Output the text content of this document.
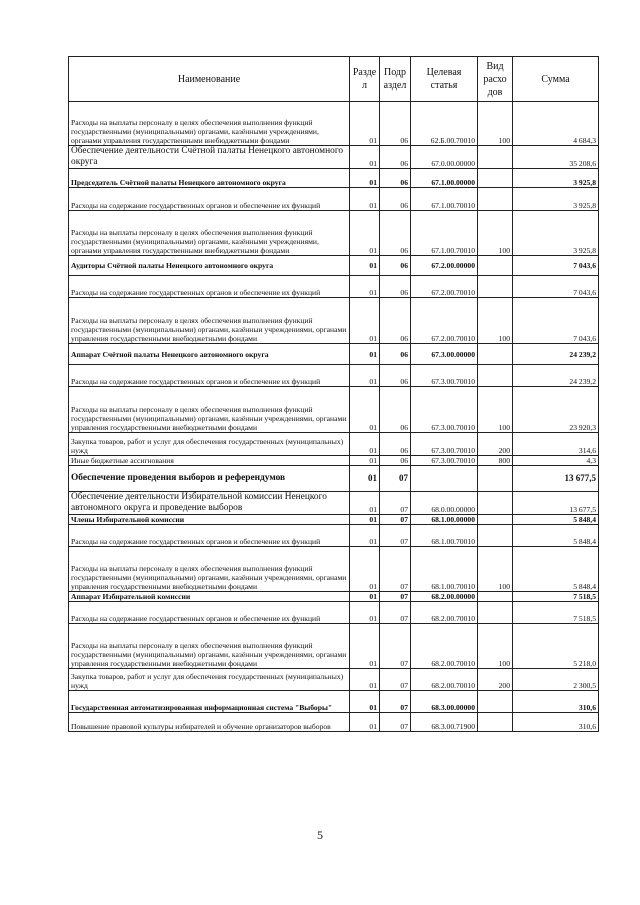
Наименование	Разде л	Подр аздел	Целевая статья	Вид расхо дов	Сумма
Расходы на выплаты персоналу в целях обеспечения выполнения функций государственными (муниципальными) органами, казёнными учреждениями, органами управления государственными внебюджетными фондами	01	06	62.Б.00.70010	100	4 684,3
Обеспечение деятельности Счётной палаты Ненецкого автономного округа	01	06	67.0.00.00000		35 208,6
Председатель Счётной палаты Ненецкого автономного округа	01	06	67.1.00.00000		3 925,8
Расходы на содержание государственных органов и обеспечение их функций	01	06	67.1.00.70010		3 925,8
Расходы на выплаты персоналу в целях обеспечения выполнения функций государственными (муниципальными) органами, казёнными учреждениями, органами управления государственными внебюджетными фондами	01	06	67.1.00.70010	100	3 925,8
Аудиторы Счётной палаты Ненецкого автономного округа	01	06	67.2.00.00000		7 043,6
Расходы на содержание государственных органов и обеспечение их функций	01	06	67.2.00.70010		7 043,6
Расходы на выплаты персоналу в целях обеспечения выполнения функций государственными (муниципальными) органами, казённыи учреждениями, органами управления государственными внебюджетными фондами	01	06	67.2.00.70010	100	7 043,6
Аппарат Счётной палаты Ненецкого автономного округа	01	06	67.3.00.00000		24 239,2
Расходы на содержание государственных органов и обеспечение их функций	01	06	67.3.00.70010		24 239,2
Расходы на выплаты персоналу в целях обеспечения выполнения функций государственными (муниципальными) органами, казённыи учреждениями, органами управления государственными внебюджетными фондами	01	06	67.3.00.70010	100	23 920,3
Закупка товаров, работ и услуг для обеспечения государственных (муниципальных) нужд	01	06	67.3.00.70010	200	314,6
Иные бюджетные ассигнования	01	06	67.3.00.70010	800	4,3
Обеспечение проведения выборов и референдумов	01	07			13 677,5
Обеспечение деятельности Избирательной комиссии Ненецкого автономного округа и проведение выборов	01	07	68.0.00.00000		13 677,5
Члены Избирательной комиссии	01	07	68.1.00.00000		5 848,4
Расходы на содержание государственных органов и обеспечение их функций	01	07	68.1.00.70010		5 848,4
Расходы на выплаты персоналу в целях обеспечения выполнения функций государственными (муниципальными) органами, казённыи учреждениями, органами управления государственными внебюджетными фондами	01	07	68.1.00.70010	100	5 848,4
Аппарат Избирательной комиссии	01	07	68.2.00.00000		7 518,5
Расходы на содержание государственных органов и обеспечение их функций	01	07	68.2.00.70010		7 518,5
Расходы на выплаты персоналу в целях обеспечения выполнения функций государственными (муниципальными) органами, казённыи учреждениями, органами управления государственными внебюджетными фондами	01	07	68.2.00.70010	100	5 218,0
Закупка товаров, работ и услуг для обеспечения государственных (муниципальных) нужд	01	07	68.2.00.70010	200	2 300,5
Государственная автоматизированная информационная система "Выборы"	01	07	68.3.00.00000		310,6
Повышение правовой культуры избирателей и обучение организаторов выборов	01	07	68.3.00.71900		310,6
5
